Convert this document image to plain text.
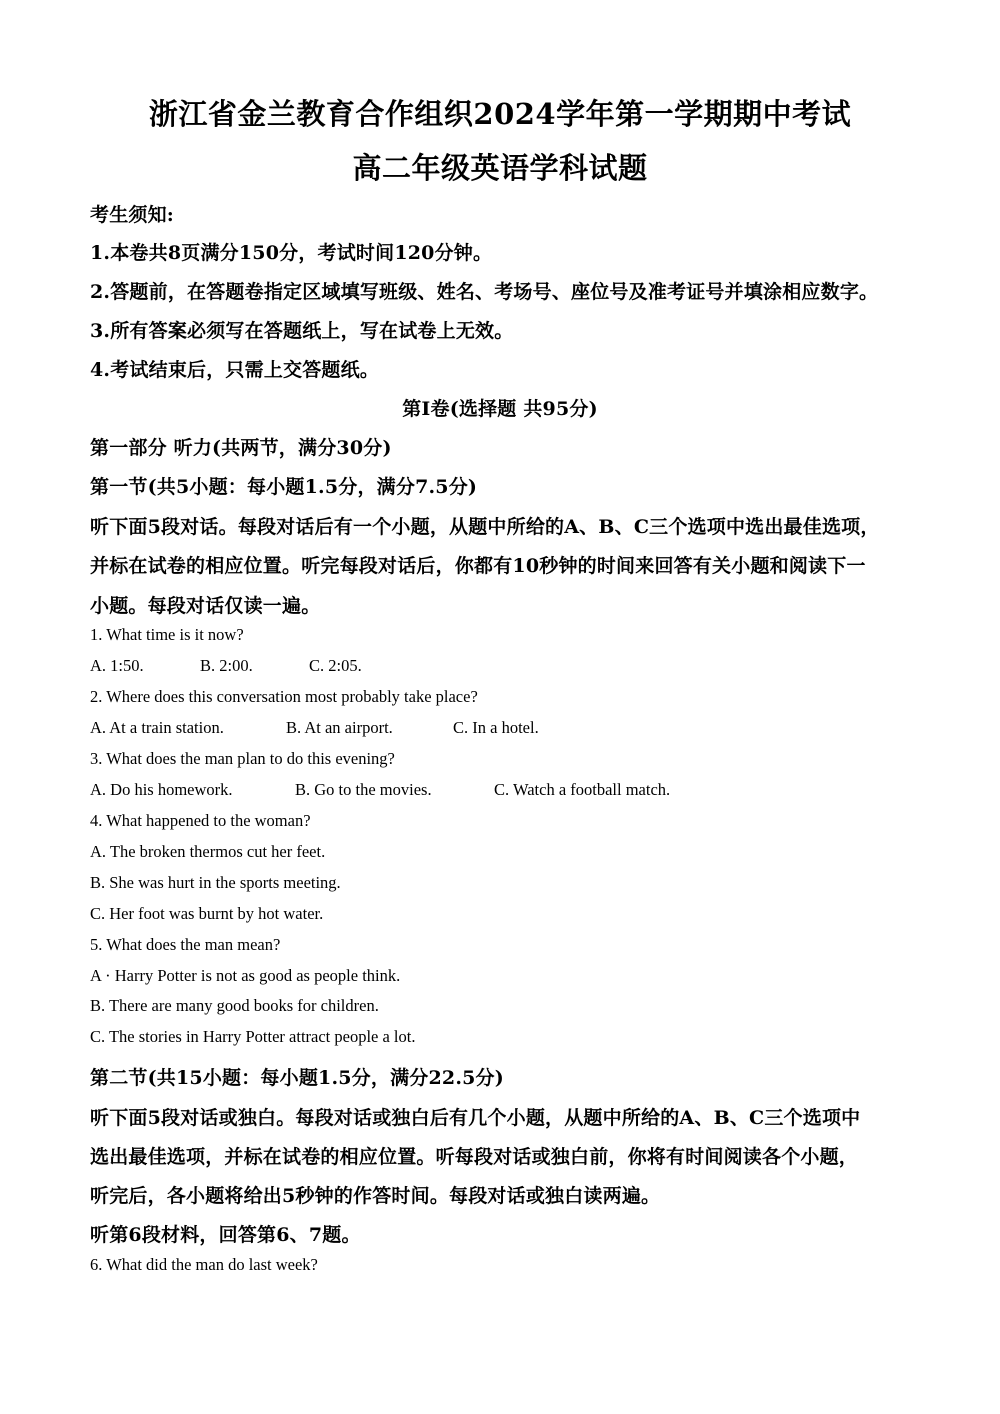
浙江省金兰教育合作组织2024学年第一学期期中考试
高二年级英语学科试题
考生须知:
1.本卷共8页满分150分，考试时间120分钟。
2.答题前，在答题卷指定区域填写班级、姓名、考场号、座位号及准考证号并填涂相应数字。
3.所有答案必须写在答题纸上，写在试卷上无效。
4.考试结束后，只需上交答题纸。
第Ⅰ卷(选择题 共95分)
第一部分 听力(共两节，满分30分)
第一节(共5小题：每小题1.5分，满分7.5分)
听下面5段对话。每段对话后有一个小题，从题中所给的A、B、C三个选项中选出最佳选项，
并标在试卷的相应位置。听完每段对话后，你都有10秒钟的时间来回答有关小题和阅读下一
小题。每段对话仅读一遍。
1. What time is it now?
A. 1:50.	B. 2:00.	C. 2:05.
2. Where does this conversation most probably take place?
A. At a train station.	B. At an airport.	C. In a hotel.
3. What does the man plan to do this evening?
A. Do his homework.	B. Go to the movies.	C. Watch a football match.
4. What happened to the woman?
A. The broken thermos cut her feet.
B. She was hurt in the sports meeting.
C. Her foot was burnt by hot water.
5. What does the man mean?
A · Harry Potter is not as good as people think.
B. There are many good books for children.
C. The stories in Harry Potter attract people a lot.
第二节(共15小题：每小题1.5分，满分22.5分)
听下面5段对话或独白。每段对话或独白后有几个小题，从题中所给的A、B、C三个选项中
选出最佳选项，并标在试卷的相应位置。听每段对话或独白前，你将有时间阅读各个小题，
听完后，各小题将给出5秒钟的作答时间。每段对话或独白读两遍。
听第6段材料，回答第6、7题。
6. What did the man do last week?
